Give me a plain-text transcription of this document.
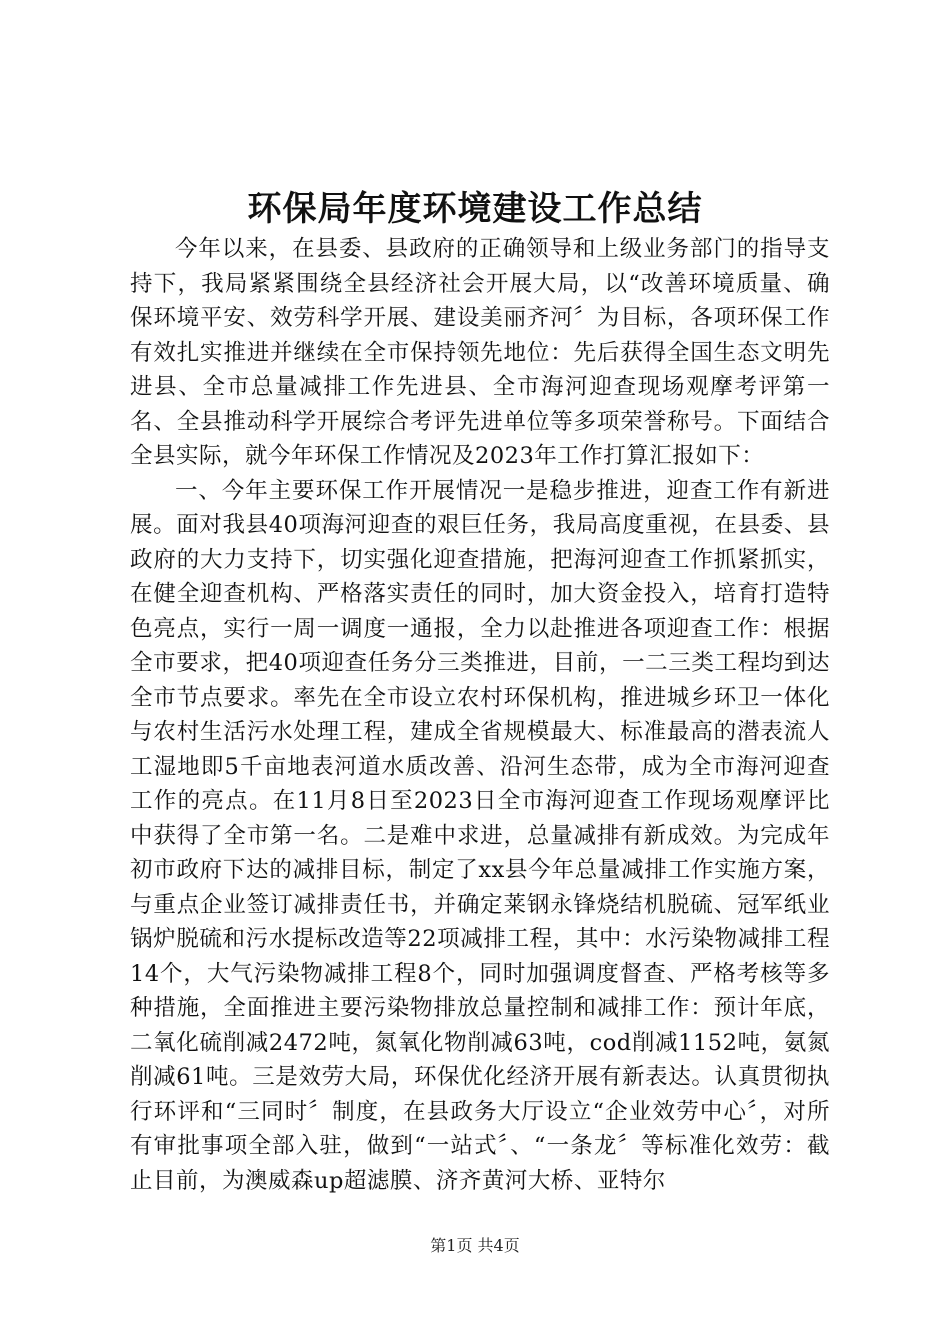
环保局年度环境建设工作总结

今年以来，在县委、县政府的正确领导和上级业务部门的指导支持下，我局紧紧围绕全县经济社会开展大局，以“改善环境质量、确保环境平安、效劳科学开展、建设美丽齐河〞为目标，各项环保工作有效扎实推进并继续在全市保持领先地位：先后获得全国生态文明先进县、全市总量减排工作先进县、全市海河迎查现场观摩考评第一名、全县推动科学开展综合考评先进单位等多项荣誉称号。下面结合全县实际，就今年环保工作情况及2023年工作打算汇报如下：

一、今年主要环保工作开展情况一是稳步推进，迎查工作有新进展。面对我县40项海河迎查的艰巨任务，我局高度重视，在县委、县政府的大力支持下，切实强化迎查措施，把海河迎查工作抓紧抓实，在健全迎查机构、严格落实责任的同时，加大资金投入，培育打造特色亮点，实行一周一调度一通报，全力以赴推进各项迎查工作：根据全市要求，把40项迎查任务分三类推进，目前，一二三类工程均到达全市节点要求。率先在全市设立农村环保机构，推进城乡环卫一体化与农村生活污水处理工程，建成全省规模最大、标准最高的潜表流人工湿地即5千亩地表河道水质改善、沿河生态带，成为全市海河迎查工作的亮点。在11月8日至2023日全市海河迎查工作现场观摩评比中获得了全市第一名。二是难中求进，总量减排有新成效。为完成年初市政府下达的减排目标，制定了xx县今年总量减排工作实施方案，与重点企业签订减排责任书，并确定莱钢永锋烧结机脱硫、冠军纸业锅炉脱硫和污水提标改造等22项减排工程，其中：水污染物减排工程14个，大气污染物减排工程8个，同时加强调度督查、严格考核等多种措施，全面推进主要污染物排放总量控制和减排工作：预计年底，二氧化硫削减2472吨，氮氧化物削减63吨，cod削减1152吨，氨氮削减61吨。三是效劳大局，环保优化经济开展有新表达。认真贯彻执行环评和“三同时〞制度，在县政务大厅设立“企业效劳中心〞，对所有审批事项全部入驻，做到“一站式〞、“一条龙〞等标准化效劳：截止目前，为澳威森up超滤膜、济齐黄河大桥、亚特尔

第1页 共4页
